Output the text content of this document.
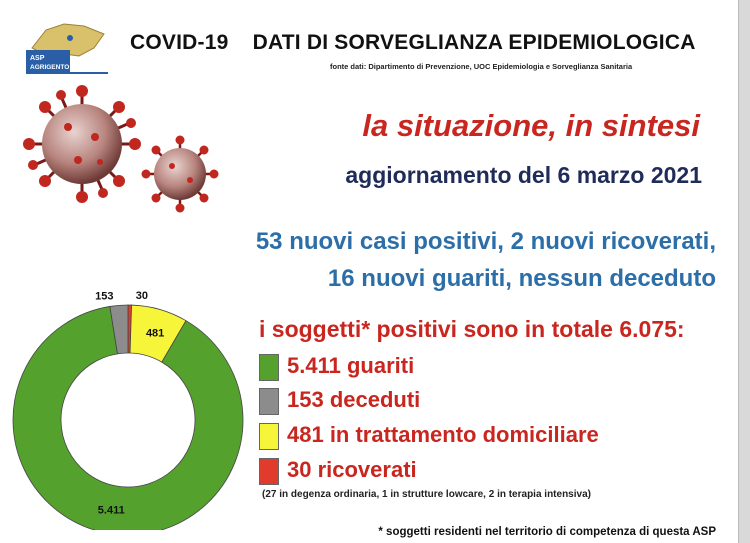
ASP
AGRIGENTO
COVID-19    DATI DI SORVEGLIANZA EPIDEMIOLOGICA
fonte dati: Dipartimento di Prevenzione, UOC Epidemiologia e Sorveglianza Sanitaria
la situazione, in sintesi
aggiornamento del 6 marzo 2021
53 nuovi casi positivi, 2 nuovi ricoverati,
16 nuovi guariti, nessun deceduto
5.411
481
153 30
i soggetti* positivi sono in totale 6.075:
5.411 guariti
153 deceduti
481 in trattamento domiciliare
30 ricoverati
(27 in degenza ordinaria, 1 in strutture lowcare, 2 in terapia intensiva)
* soggetti residenti nel territorio di competenza di questa ASP
